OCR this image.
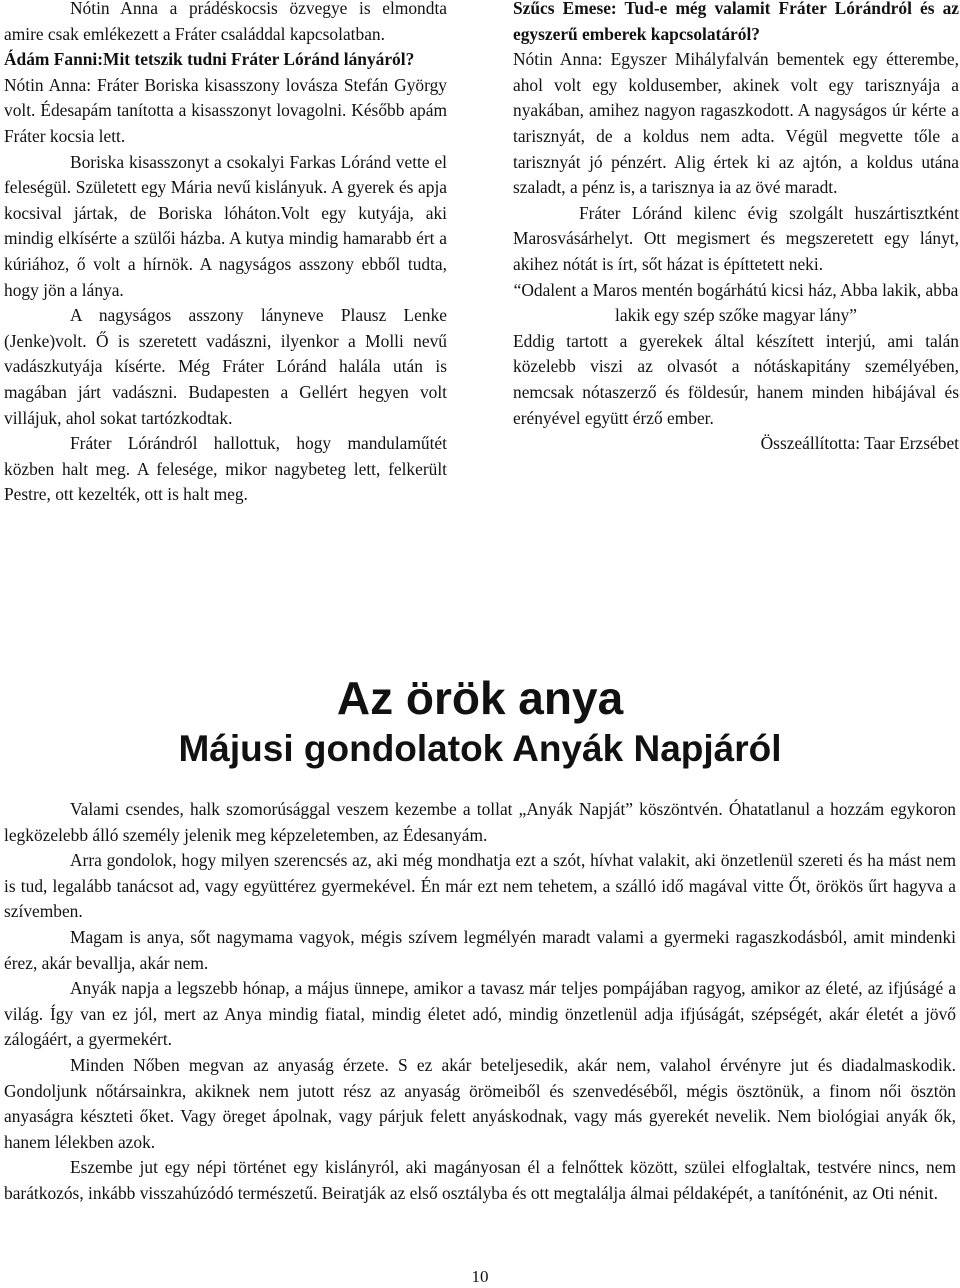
Nótin Anna a prádéskocsis özvegye is elmondta amire csak emlékezett a Fráter családdal kapcsolatban.

Ádám Fanni:Mit tetszik tudni Fráter Lóránd lányáról?

Nótin Anna: Fráter Boriska kisasszony lovásza Stefán György volt. Édesapám tanította a kisasszonyt lovagolni. Később apám Fráter kocsia lett.

Boriska kisasszonyt a csokalyi Farkas Lóránd vette el feleségül. Született egy Mária nevű kislányuk. A gyerek és apja kocsival jártak, de Boriska lóháton.Volt egy kutyája, aki mindig elkísérte a szülői házba. A kutya mindig hamarabb ért a kúriához, ő volt a hírnök. A nagyságos asszony ebből tudta, hogy jön a lánya.

A nagyságos asszony lányneve Plausz Lenke (Jenke)volt. Ő is szeretett vadászni, ilyenkor a Molli nevű vadászkutyája kísérte. Még Fráter Lóránd halála után is magában járt vadászni. Budapesten a Gellért hegyen volt villájuk, ahol sokat tartózkodtak.

Fráter Lórándról hallottuk, hogy mandulaműtét közben halt meg. A felesége, mikor nagybeteg lett, felkerült Pestre, ott kezelték, ott is halt meg.

Szűcs Emese: Tud-e még valamit Fráter Lórándról és az egyszerű emberek kapcsolatáról?

Nótin Anna: Egyszer Mihályfalván bementek egy étterembe, ahol volt egy koldusember, akinek volt egy tarisznyája a nyakában, amihez nagyon ragaszkodott. A nagyságos úr kérte a tarisznyát, de a koldus nem adta. Végül megvette tőle a tarisznyát jó pénzért. Alig értek ki az ajtón, a koldus utána szaladt, a pénz is, a tarisznya ia az övé maradt.

Fráter Lóránd kilenc évig szolgált huszártisztként Marosvásárhelyt. Ott megismert és megszeretett egy lányt, akihez nótát is írt, sőt házat is építtetett neki.

“Odalent a Maros mentén bogárhátú kicsi ház, Abba lakik, abba lakik egy szép szőke magyar lány”

Eddig tartott a gyerekek által készített interjú, ami talán közelebb viszi az olvasót a nótáskapitány személyében, nemcsak nótaszerző és földesúr, hanem minden hibájával és erényével együtt érző ember.

Összeállította: Taar Erzsébet

Az örök anya
Májusi gondolatok Anyák Napjáról

Valami csendes, halk szomorúsággal veszem kezembe a tollat „Anyák Napját” köszöntvén. Óhatatlanul a hozzám egykoron legközelebb álló személy jelenik meg képzeletemben, az Édesanyám.

Arra gondolok, hogy milyen szerencsés az, aki még mondhatja ezt a szót, hívhat valakit, aki önzetlenül szereti és ha mást nem is tud, legalább tanácsot ad, vagy együttérez gyermekével. Én már ezt nem tehetem, a szálló idő magával vitte Őt, örökös űrt hagyva a szívemben.

Magam is anya, sőt nagymama vagyok, mégis szívem legmélyén maradt valami a gyermeki ragaszkodásból, amit mindenki érez, akár bevallja, akár nem.

Anyák napja a legszebb hónap, a május ünnepe, amikor a tavasz már teljes pompájában ragyog, amikor az életé, az ifjúságé a világ. Így van ez jól, mert az Anya mindig fiatal, mindig életet adó, mindig önzetlenül adja ifjúságát, szépségét, akár életét a jövő zálogáért, a gyermekért.

Minden Nőben megvan az anyaság érzete. S ez akár beteljesedik, akár nem, valahol érvényre jut és diadalmaskodik. Gondoljunk nőtársainkra, akiknek nem jutott rész az anyaság örömeiből és szenvedéséből, mégis ösztönük, a finom női ösztön anyaságra készteti őket. Vagy öreget ápolnak, vagy párjuk felett anyáskodnak, vagy más gyerekét nevelik. Nem biológiai anyák ők, hanem lélekben azok.

Eszembe jut egy népi történet egy kislányról, aki magányosan él a felnőttek között, szülei elfoglaltak, testvére nincs, nem barátkozós, inkább visszahúzódó természetű. Beiratják az első osztályba és ott megtalálja álmai példaképét, a tanítónénit, az Oti nénit.

10
